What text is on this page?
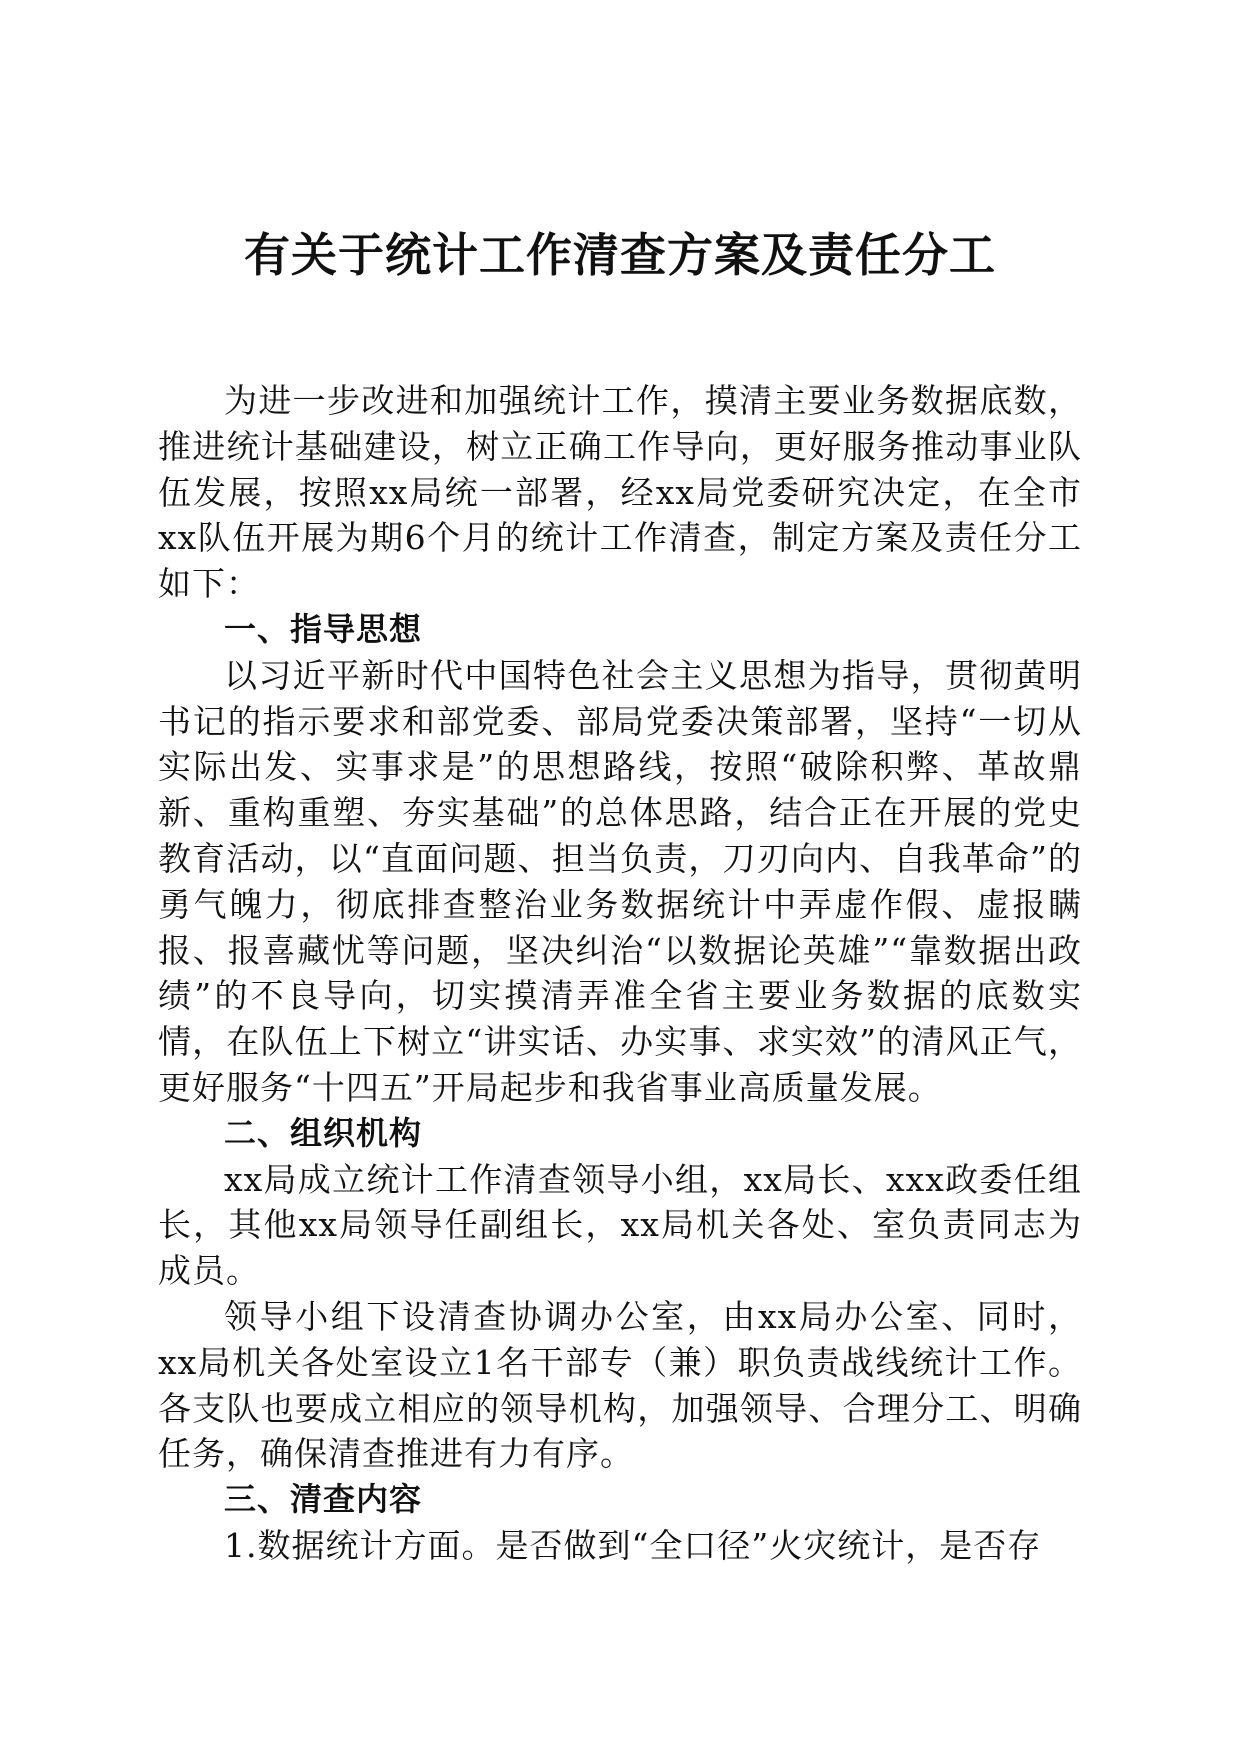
有关于统计工作清查方案及责任分工

为进一步改进和加强统计工作，摸清主要业务数据底数，推进统计基础建设，树立正确工作导向，更好服务推动事业队伍发展，按照xx局统一部署，经xx局党委研究决定，在全市xx队伍开展为期6个月的统计工作清查，制定方案及责任分工如下：

一、指导思想

以习近平新时代中国特色社会主义思想为指导，贯彻黄明书记的指示要求和部党委、部局党委决策部署，坚持“一切从实际出发、实事求是”的思想路线，按照“破除积弊、革故鼎新、重构重塑、夯实基础”的总体思路，结合正在开展的党史教育活动，以“直面问题、担当负责，刀刃向内、自我革命”的勇气魄力，彻底排查整治业务数据统计中弄虚作假、虚报瞒报、报喜藏忧等问题，坚决纠治“以数据论英雄”“靠数据出政绩”的不良导向，切实摸清弄准全省主要业务数据的底数实情，在队伍上下树立“讲实话、办实事、求实效”的清风正气，更好服务“十四五”开局起步和我省事业高质量发展。

二、组织机构

xx局成立统计工作清查领导小组，xx局长、xxx政委任组长，其他xx局领导任副组长，xx局机关各处、室负责同志为成员。

领导小组下设清查协调办公室，由xx局办公室、同时，xx局机关各处室设立1名干部专（兼）职负责战线统计工作。各支队也要成立相应的领导机构，加强领导、合理分工、明确任务，确保清查推进有力有序。

三、清查内容

1.数据统计方面。是否做到“全口径”火灾统计，是否存
